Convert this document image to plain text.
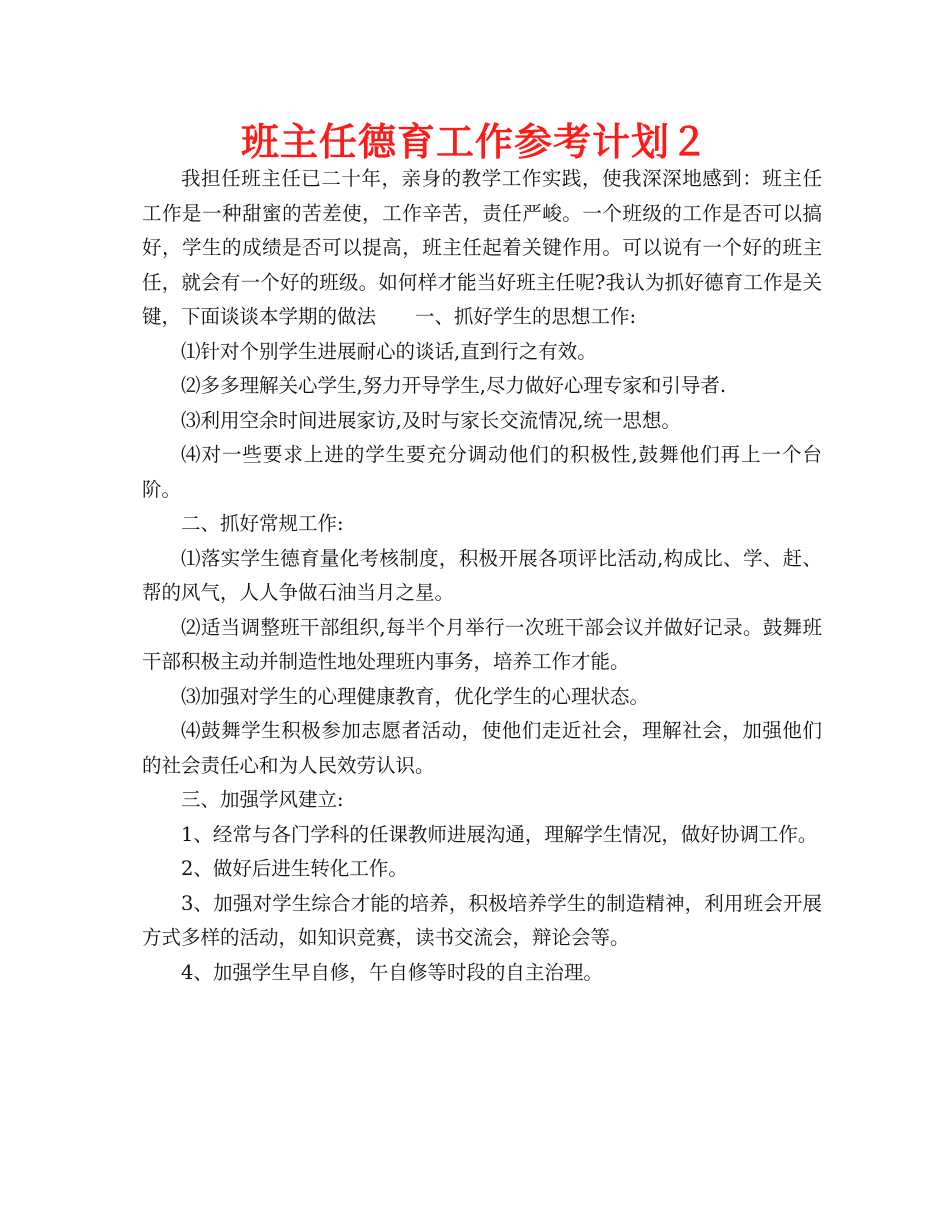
班主任德育工作参考计划２

我担任班主任已二十年，亲身的教学工作实践，使我深深地感到：班主任工作是一种甜蜜的苦差使，工作辛苦，责任严峻。一个班级的工作是否可以搞好，学生的成绩是否可以提高，班主任起着关键作用。可以说有一个好的班主任，就会有一个好的班级。如何样才能当好班主任呢?我认为抓好德育工作是关键，下面谈谈本学期的做法　　一、抓好学生的思想工作:

⑴针对个别学生进展耐心的谈话,直到行之有效。

⑵多多理解关心学生,努力开导学生,尽力做好心理专家和引导者.

⑶利用空余时间进展家访,及时与家长交流情况,统一思想。

⑷对一些要求上进的学生要充分调动他们的积极性,鼓舞他们再上一个台阶。

二、抓好常规工作:

⑴落实学生德育量化考核制度，积极开展各项评比活动,构成比、学、赶、帮的风气，人人争做石油当月之星。

⑵适当调整班干部组织,每半个月举行一次班干部会议并做好记录。鼓舞班干部积极主动并制造性地处理班内事务，培养工作才能。

⑶加强对学生的心理健康教育，优化学生的心理状态。

⑷鼓舞学生积极参加志愿者活动，使他们走近社会，理解社会，加强他们的社会责任心和为人民效劳认识。

三、加强学风建立:

1、经常与各门学科的任课教师进展沟通，理解学生情况，做好协调工作。

2、做好后进生转化工作。

3、加强对学生综合才能的培养，积极培养学生的制造精神，利用班会开展方式多样的活动，如知识竞赛，读书交流会，辩论会等。

4、加强学生早自修，午自修等时段的自主治理。
